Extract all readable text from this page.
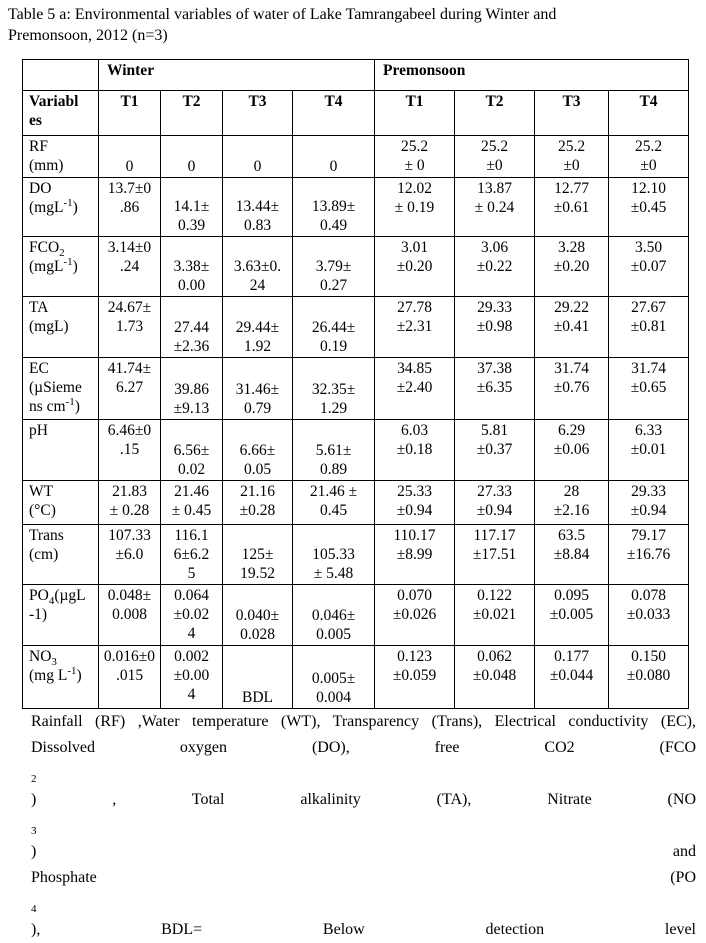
Table 5 a: Environmental variables of water of Lake Tamrangabeel during Winter and
Premonsoon, 2012 (n=3)
	Winter				Premonsoon			

Variabl
es	T1	T2	T3	T4	T1	T2	T3	T4

RF
(mm)	0	0	0	0	25.2
± 0	25.2
±0	25.2
±0	25.2
±0

DO
(mgL$^{-1}$)	13.7±0
.86	14.1±
0.39	13.44±
0.83	13.89±
0.49	12.02
± 0.19	13.87
± 0.24	12.77
±0.61	12.10
±0.45

$FCO_2$
(mgL$^{-1}$)	3.14±0
.24	3.38±
0.00	3.63±0.
24	3.79±
0.27	3.01
±0.20	3.06
±0.22	3.28
±0.20	3.50
±0.07

TA
(mgL)	24.67±
1.73	27.44
±2.36	29.44±
1.92	26.44±
0.19	27.78
±2.31	29.33
±0.98	29.22
±0.41	27.67
±0.81

EC
(µSieme
ns $cm^{-1}$)	41.74±
6.27	39.86
±9.13	31.46±
0.79	32.35±
1.29	34.85
±2.40	37.38
±6.35	31.74
±0.76	31.74
±0.65

pH	6.46±0
.15	6.56±
0.02	6.66±
0.05	5.61±
0.89	6.03
±0.18	5.81
±0.37	6.29
±0.06	6.33
±0.01

WT
(°C)	21.83
± 0.28	21.46
± 0.45	21.16
±0.28	21.46 ±
0.45	25.33
±0.94	27.33
±0.94	28
±2.16	29.33
±0.94

Trans
(cm)	107.33
±6.0	116.1
6±6.2
5	125±
19.52	105.33
± 5.48	110.17
±8.99	117.17
±17.51	63.5
±8.84	79.17
±16.76

$PO_4(\mu gL$
-1)	0.048±
0.008	0.064
±0.02
4	0.040±
0.028	0.046±
0.005	0.070
±0.026	0.122
±0.021	0.095
±0.005	0.078
±0.033

$NO_3$
(mg $L^{-1}$)	0.016±0
.015	0.002
±0.00
4	BDL	0.005±
0.004	0.123
±0.059	0.062
±0.048	0.177
±0.044	0.150
±0.080
Rainfall (RF) ,Water temperature (WT), Transparency (Trans), Electrical conductivity (EC),
Dissolved oxygen (DO), free CO2 (FCO
$_2$
) , Total alkalinity (TA), Nitrate (NO
$_3$
) and
Phosphate (PO
$_4$
), BDL= Below detection level
